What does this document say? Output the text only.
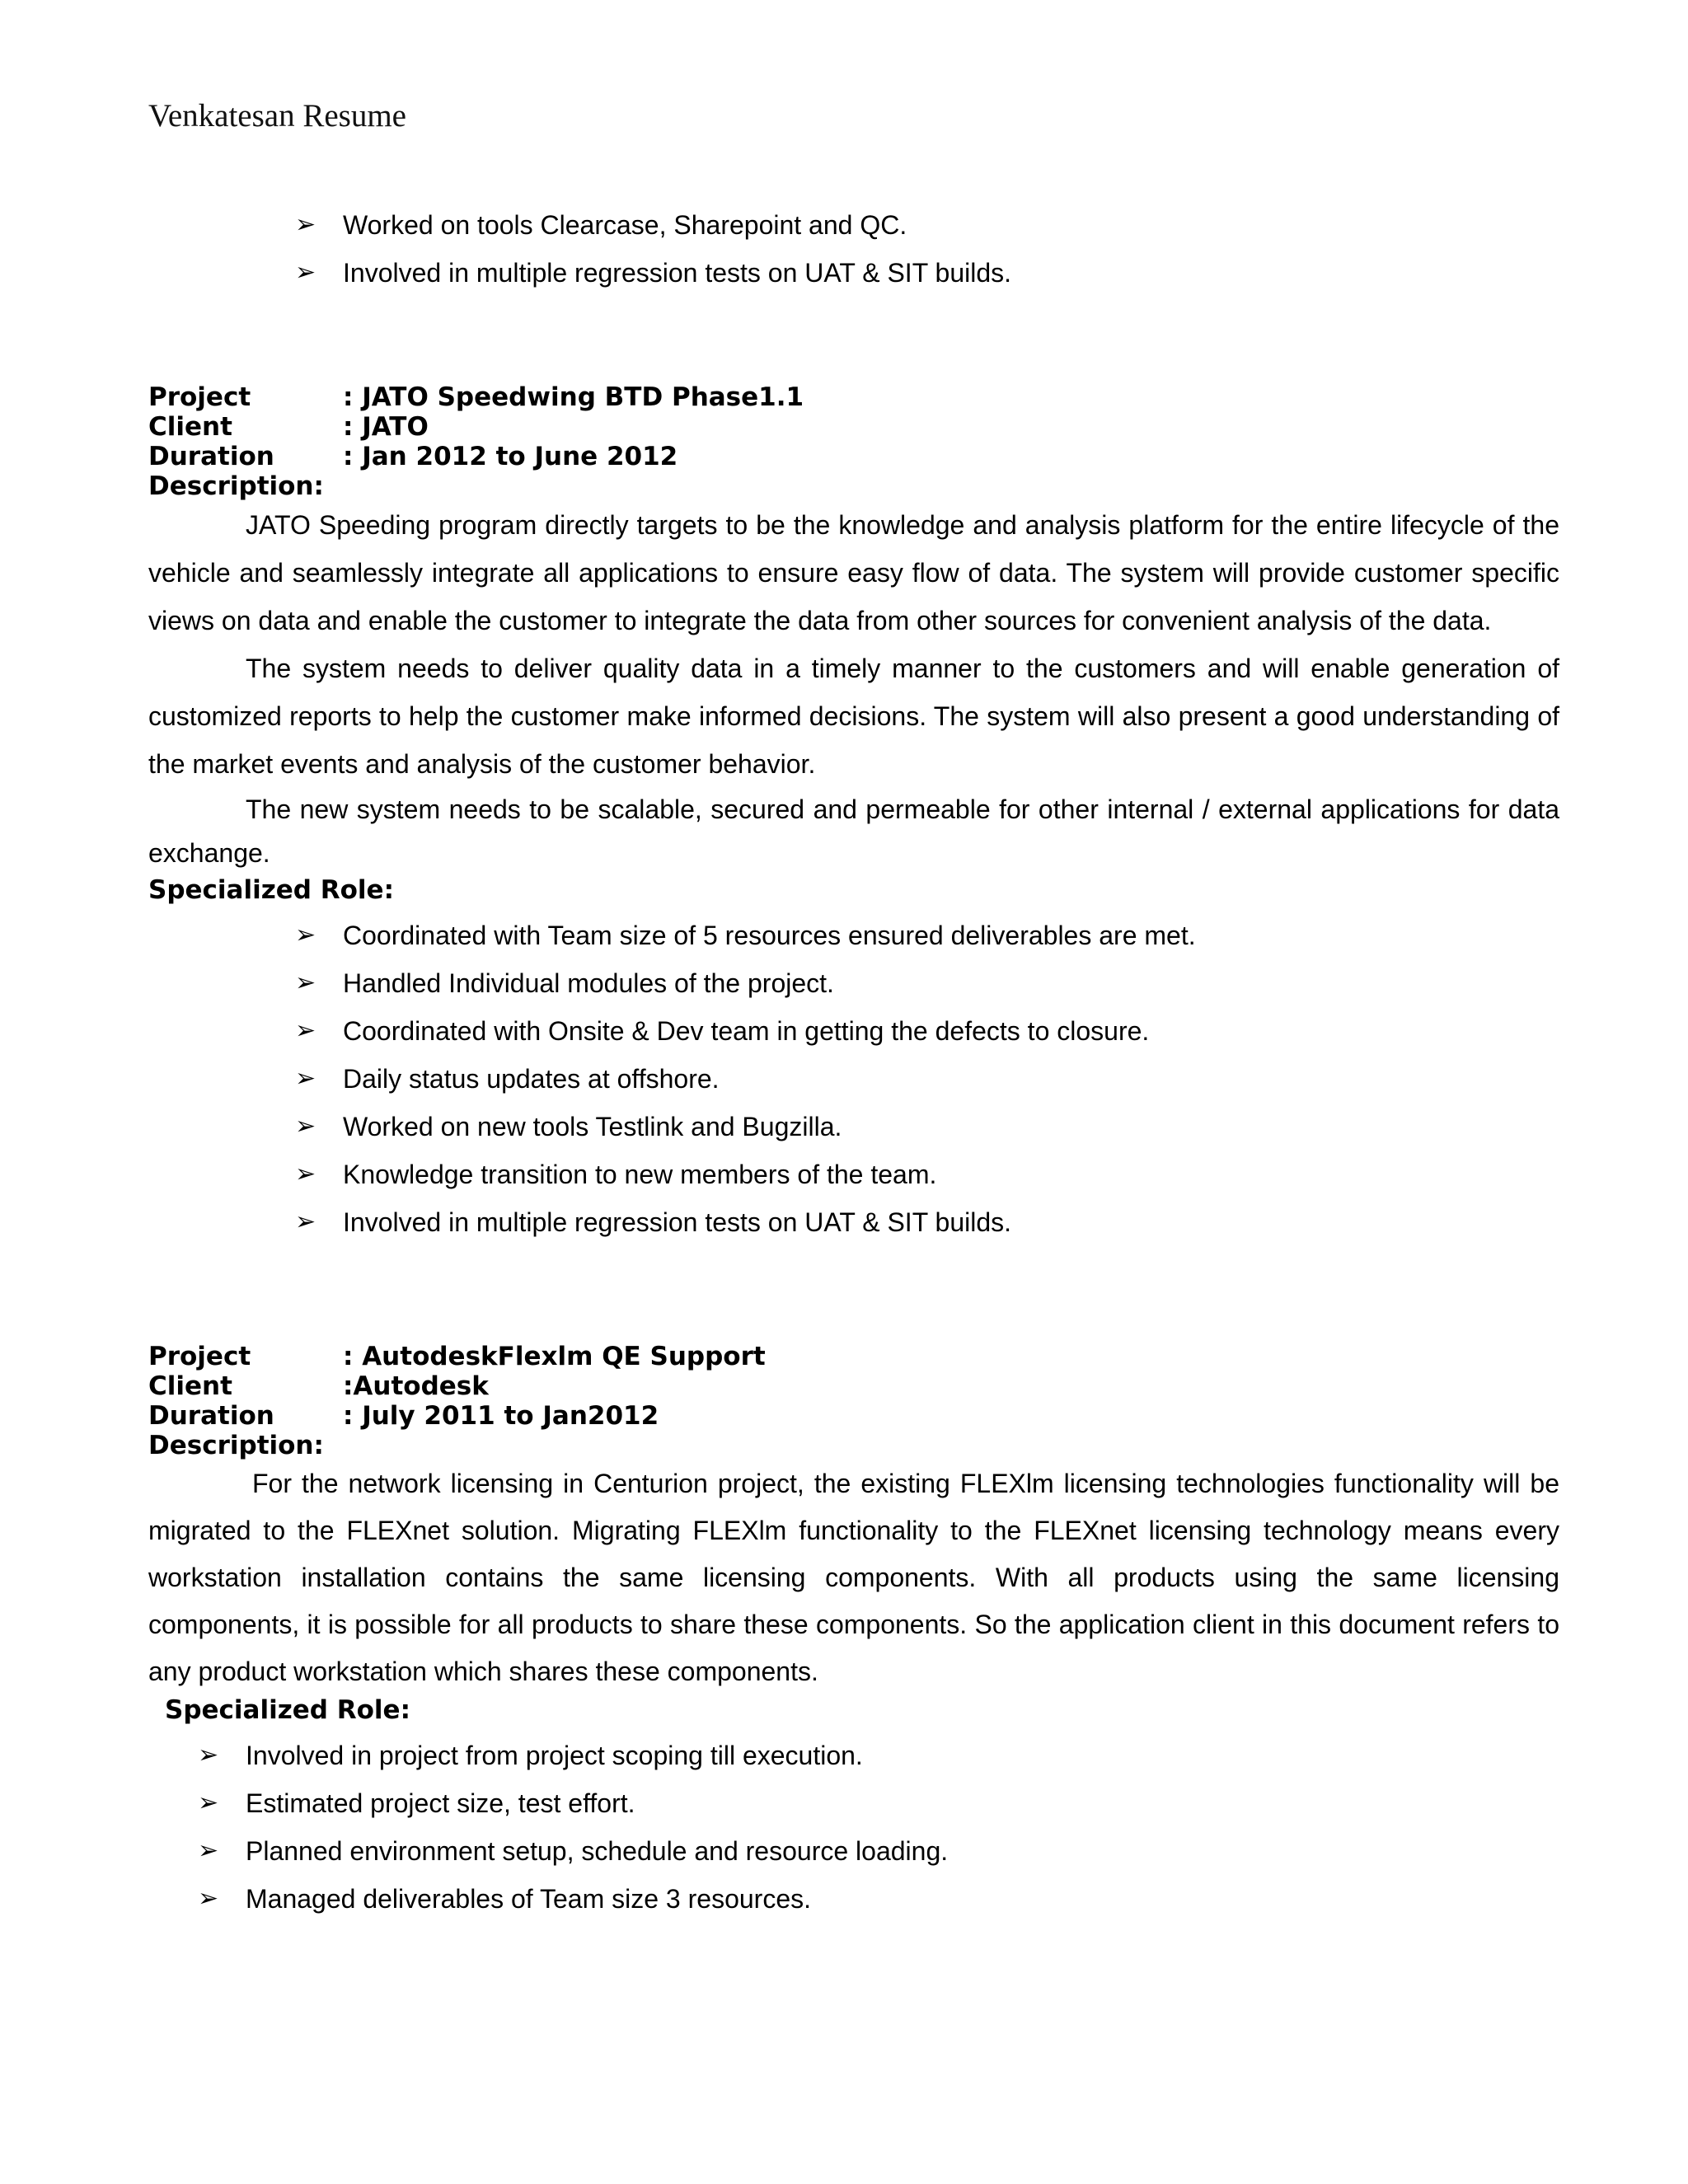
Venkatesan Resume
➢ Worked on tools Clearcase, Sharepoint and QC.
➢ Involved in multiple regression tests on UAT & SIT builds.
Project	: JATO Speedwing BTD Phase1.1
Client	: JATO
Duration	: Jan 2012 to June 2012
Description:

JATO Speeding program directly targets to be the knowledge and analysis platform for the entire lifecycle of the vehicle and seamlessly integrate all applications to ensure easy flow of data. The system will provide customer specific views on data and enable the customer to integrate the data from other sources for convenient analysis of the data.

The system needs to deliver quality data in a timely manner to the customers and will enable generation of customized reports to help the customer make informed decisions. The system will also present a good understanding of the market events and analysis of the customer behavior.

The new system needs to be scalable, secured and permeable for other internal / external applications for data exchange.

Specialized Role:
➢ Coordinated with Team size of 5 resources ensured deliverables are met.
➢ Handled Individual modules of the project.
➢ Coordinated with Onsite & Dev team in getting the defects to closure.
➢ Daily status updates at offshore.
➢ Worked on new tools Testlink and Bugzilla.
➢ Knowledge transition to new members of the team.
➢ Involved in multiple regression tests on UAT & SIT builds.
Project	: AutodeskFlexlm QE Support
Client	:Autodesk
Duration	: July 2011 to Jan2012
Description:

For the network licensing in Centurion project, the existing FLEXlm licensing technologies functionality will be migrated to the FLEXnet solution. Migrating FLEXlm functionality to the FLEXnet licensing technology means every workstation installation contains the same licensing components. With all products using the same licensing components, it is possible for all products to share these components. So the application client in this document refers to any product workstation which shares these components.

Specialized Role:
➢ Involved in project from project scoping till execution.
➢ Estimated project size, test effort.
➢ Planned environment setup, schedule and resource loading.
➢ Managed deliverables of Team size 3 resources.
